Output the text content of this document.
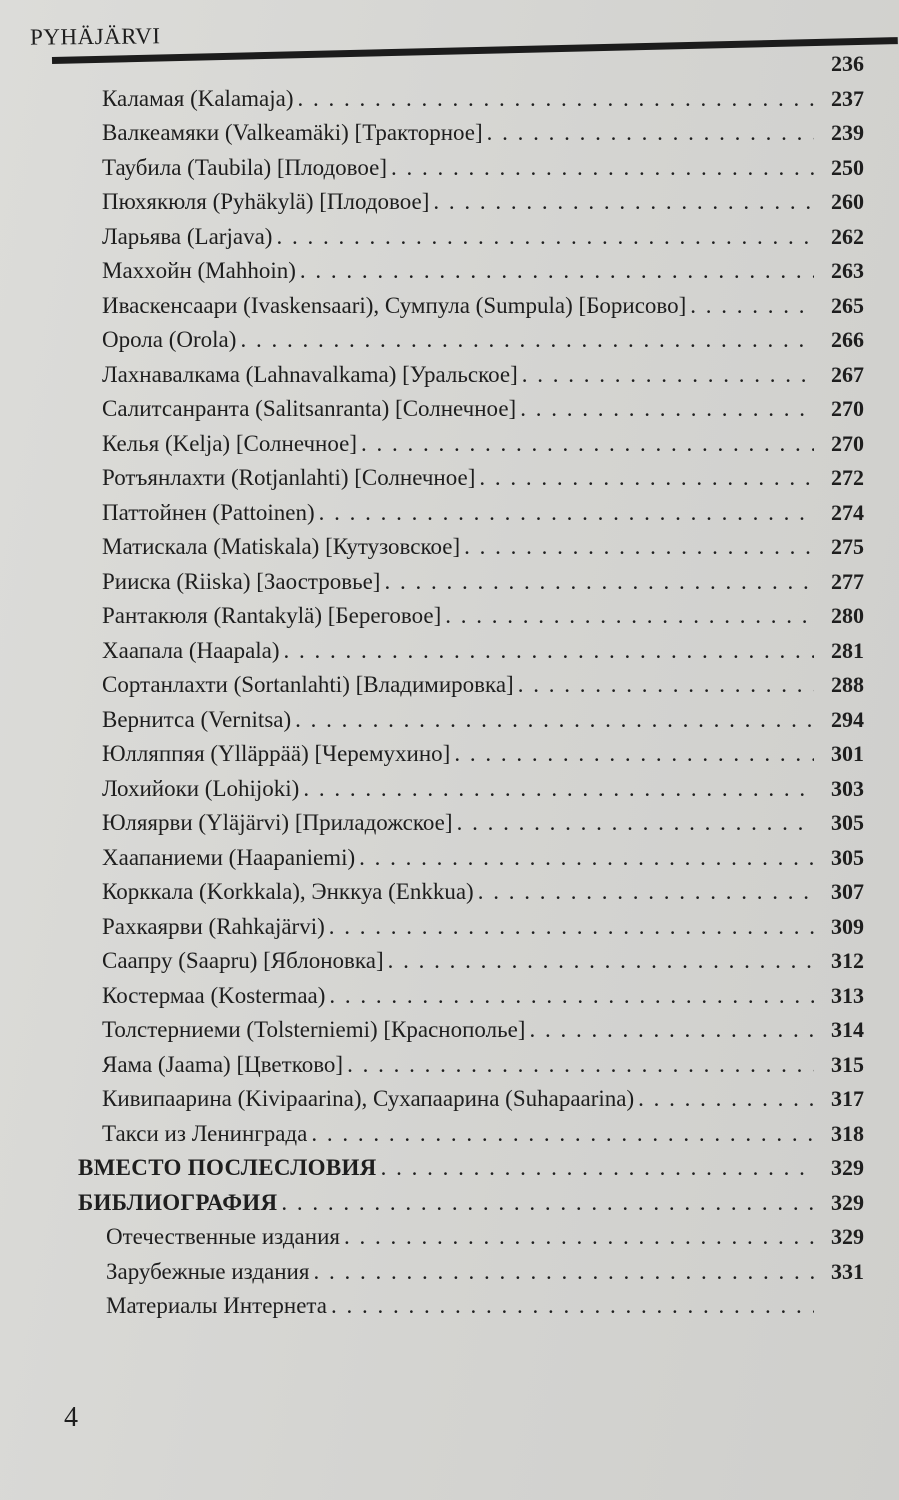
PYHÄJÄRVI
236
237
Каламая (Kalamaja)
. . .
239
Валкеамяки (Valkeamäki) [Тракторное]
. . .
250
Таубила (Taubila) [Плодовое]
. . .
260
Пюхякюля (Pyhäkylä) [Плодовое]
. . .
262
Ларьява (Larjava)
. . .
263
Махxойн (Mahhoin)
. . .
265
Иваскенсаари (Ivaskensaari), Сумпула (Sumpula) [Борисово]
. . .
266
Орола (Orola)
. . .
267
Лахнавалкама (Lahnavalkama) [Уральское]
. . .
270
Салитсанранта (Salitsanranta) [Солнечное]
. . .
270
Келья (Kelja) [Солнечное]
. . .
272
Ротъянлахти (Rotjanlahti) [Солнечное]
. . .
274
Паттойнен (Pattoinen)
. . .
275
Матискала (Matiskala) [Кутузовское]
. . .
277
Рииска (Riiska) [Заостровье]
. . .
280
Рантакюля (Rantakylä) [Береговое]
. . .
281
Хаапала (Haapala)
. . .
288
Сортанлахти (Sortanlahti) [Владимировка]
. . .
294
Вернитса (Vernitsa)
. . .
301
Юлляппяя (Ylläppää) [Черемухино]
. . .
303
Лохийоки (Lohijoki)
. . .
305
Юляярви (Yläjärvi) [Приладожское]
. . .
305
Хаапаниеми (Haapaniemi)
. . .
307
Корккала (Korkkala), Энккуа (Enkkua)
. . .
309
Рахкаярви (Rahkajärvi)
. . .
312
Саапру (Saapru) [Яблоновка]
. . .
313
Костермаа (Kostermaa)
. . .
314
Толстерниеми (Tolsterniemi) [Краснополье]
. . .
315
Яама (Jaama) [Цветково]
. . .
317
Кивипаарина (Kivipaarina), Сухапаарина (Suhapaarina)
. . .
318
Такси из Ленинграда
. . .
329
ВМЕСТО ПОСЛЕСЛОВИЯ
. . .
329
БИБЛИОГРАФИЯ
. . .
329
Отечественные издания
. . .
331
Зарубежные издания
. . .
Материалы Интернета
. . .
4
